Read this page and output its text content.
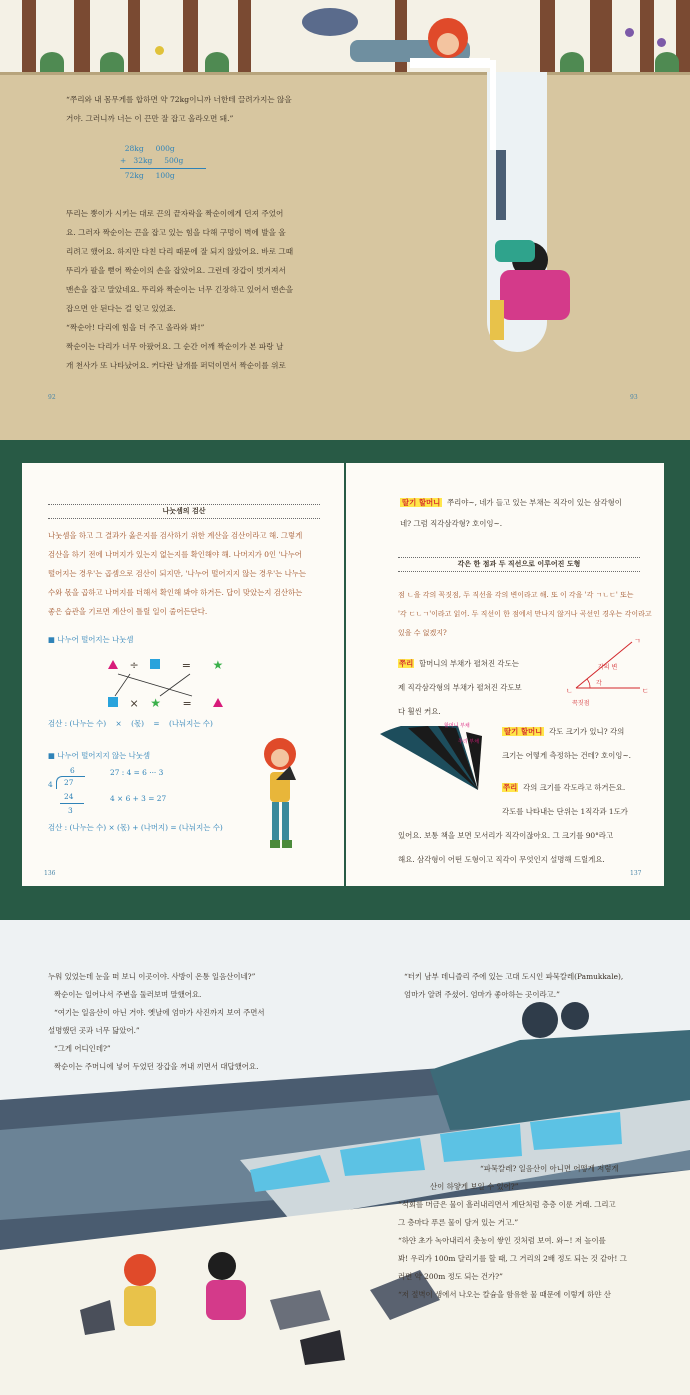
“쭈리와 내 몸무게를 합하면 약 72kg이니까 너한테 끌려가지는 않을

거야. 그러니까 너는 이 끈만 잘 잡고 올라오면 돼.”

28kg     000g
+   32kg     500g
72kg     100g

뚜리는 뿡이가 시키는 대로 끈의 끝자락을 짝순이에게 던져 주었어

요. 그러자 짝순이는 끈을 잡고 있는 힘을 다해 구멍이 벽에 발을 올

리려고 했어요. 하지만 다친 다리 때문에 잘 되지 않았어요. 바로 그때

뚜리가 팔을 뻗어 짝순이의 손을 잡았어요. 그런데 장갑이 벗겨져서

맨손을 잡고 말았네요. 뚜리와 짝순이는 너무 긴장하고 있어서 맨손을

잡으면 안 된다는 걸 잊고 있었죠.

“짝순아! 다리에 힘을 더 주고 올라와 봐!”

짝순이는 다리가 너무 아팠어요. 그 순간 어깨 짝순이가 본 파랑 날

개 천사가 또 나타났어요. 커다란 날개를 퍼덕이면서 짝순이를 위로

92	93
나눗셈의 검산
나눗셈을 하고 그 결과가 옳은지를 검사하기 위한 계산을 검산이라고 해. 그렇게
검산을 하기 전에 나머지가 있는지 없는지를 확인해야 해. 나머지가 0인 '나누어
떨어지는 경우'는 곱셈으로 검산이 되지만, '나누어 떨어지지 않는 경우'는 나누는
수와 몫을 곱하고 나머지를 더해서 확인해 봐야 하거든. 답이 맞았는지 검산하는
좋은 습관을 기르면 계산이 틀릴 일이 줄어든단다.
■ 나누어 떨어지는 나눗셈
÷	= ★
× ★ =
검산 : (나누는 수)    ×    (몫)    =    (나눠지는 수)
■ 나누어 떨어지지 않는 나눗셈
6
4 27
24
3
27 : 4 = 6 ··· 3
4 × 6 + 3 = 27
검산 : (나누는 수) × (몫) + (나머지) = (나눠지는 수)
136
딸기 할머니 쭈리야~, 네가 들고 있는 부채는 직각이 있는 삼각형이
네? 그럼 직각삼각형? 호이잉~.
각은 한 점과 두 직선으로 이루어진 도형
점 ㄴ을 각의 꼭짓점, 두 직선을 각의 변이라고 해. 또 이 각을 '각 ㄱㄴㄷ' 또는
'각 ㄷㄴㄱ'이라고 읽어. 두 직선이 한 점에서 만나지 않거나 곡선인 경우는 각이라고
있을 수 없겠지?
쭈리 할머니의 부채가 펼쳐진 각도는
제 직각삼각형의 부채가 펼쳐진 각도보
다 훨씬 커요.
ㄱ
ㄴ	ㄷ
각의 변
각
꼭짓점
할머니 부채
쭈리 부채
딸기 할머니 각도 크기가 있니? 각의
크기는 어떻게 측정하는 건데? 호이잉~.
쭈리 각의 크기를 각도라고 하거든요.
각도를 나타내는 단위는 1직각과 1도가
있어요. 보통 책을 보면 모서리가 직각이잖아요. 그 크기를 90°라고
해요. 삼각형이 어떤 도형이고 직각이 무엇인지 설명해 드릴게요.
137
누워 있었는데 눈을 떠 보니 이곳이야. 사방이 온통 일음산이네?”
짝순이는 일어나서 주변을 둘러보며 말했어요.
“여기는 일음산이 아닌 거야. 옛날에 엄마가 사진까지 보여 주면서
설명했던 곳과 너무 닮았어.”
“그게 어디인데?”
짝순이는 주머니에 넣어 두었던 장갑을 꺼내 끼면서 대답했어요.
“터키 남부 데니즐리 주에 있는 고대 도시인 파묵칼레(Pamukkale),
엄마가 알려 주셨어. 엄마가 좋아하는 곳이라고.”
“파묵칼레? 일음산이 아니면 어떻게 저렇게
산이 하얗게 보일 수 있어?”
“석회를 머금은 물이 흘러내리면서 계단처럼 층층 이룬 거래. 그리고
그 층마다 푸른 물이 담겨 있는 거고.”
“하얀 초가 녹아내리서 촛농이 쌓인 것처럼 보여. 와~! 저 높이를
봐! 우리가 100m 달리기를 할 때, 그 거리의 2배 정도 되는 것 같아! 그
러면 약 200m 정도 되는 건가?”
“저 절벽이 생에서 나오는 칼슘을 함유한 물 때문에 이렇게 하얀 산
